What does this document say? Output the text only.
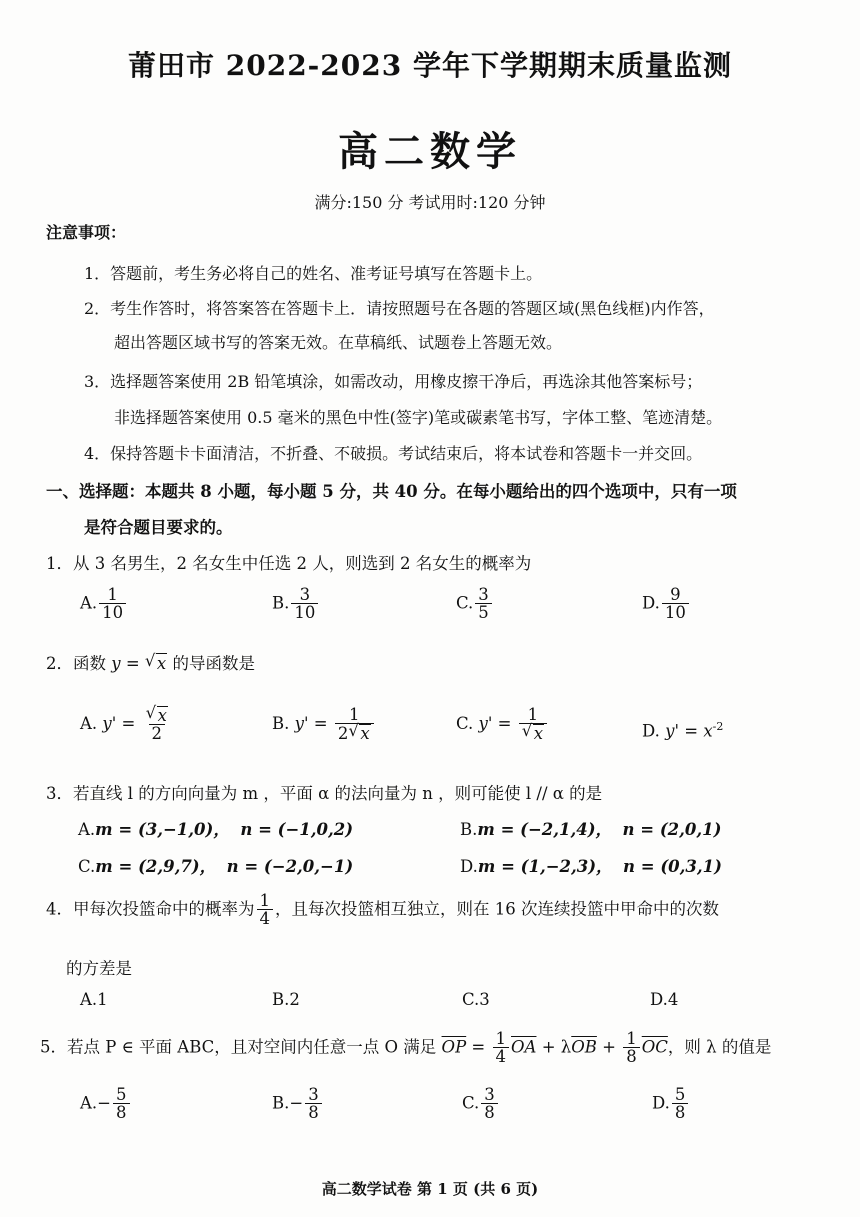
莆田市 2022-2023 学年下学期期末质量监测
高二数学
满分:150 分 考试用时:120 分钟
注意事项：
1．答题前，考生务必将自己的姓名、准考证号填写在答题卡上。
2．考生作答时，将答案答在答题卡上．请按照题号在各题的答题区域(黑色线框)内作答，
超出答题区域书写的答案无效。在草稿纸、试题卷上答题无效。
3．选择题答案使用 2B 铅笔填涂，如需改动，用橡皮擦干净后，再选涂其他答案标号；
非选择题答案使用 0.5 毫米的黑色中性(签字)笔或碳素笔书写，字体工整、笔迹清楚。
4．保持答题卡卡面清洁，不折叠、不破损。考试结束后，将本试卷和答题卡一并交回。
一、选择题：本题共 8 小题，每小题 5 分，共 40 分。在每小题给出的四个选项中，只有一项
是符合题目要求的。
1．从 3 名男生，2 名女生中任选 2 人，则选到 2 名女生的概率为
A. $\frac{1}{10}$	B. $\frac{3}{10}$	C. $\frac{3}{5}$	D. $\frac{9}{10}$
2．函数 y = √ x 的导函数是
A. y' = √ $\frac{x}{2}$	B. $y' = \frac{1}{2 √ x}$	C. y' = 1
√ x	D. $y' = x^{-2}$
3．若直线 l 的方向向量为 m ，平面 α 的法向量为 n ，则可能使 l // α 的是
A.m = (3,−1,0)， n = (−1,0,2)	B.m = (−2,1,4)， n = (2,0,1)
C.m = (2,9,7)， n = (−2,0,−1)	D.m = (1,−2,3)， n = (0,3,1)
4．甲每次投篮命中的概率为 $\frac{1}{4}$ ，且每次投篮相互独立，则在 16 次连续投篮中甲命中的次数
的方差是
A.1	B.2	C.3	D.4
5．若点 P ∈ 平面 ABC，且对空间内任意一点 O 满足 $\overline{OP} = \frac{1}{4} \overline{OA} + \lambda\overline{OB} + \frac{1}{8} \overline{OC}$，则 λ 的值是
$A.- \frac{5}{8}$	$B.- \frac{3}{8}$	C. $\frac{3}{8}$	D. $\frac{5}{8}$
高二数学试卷 第 1 页 (共 6 页)
